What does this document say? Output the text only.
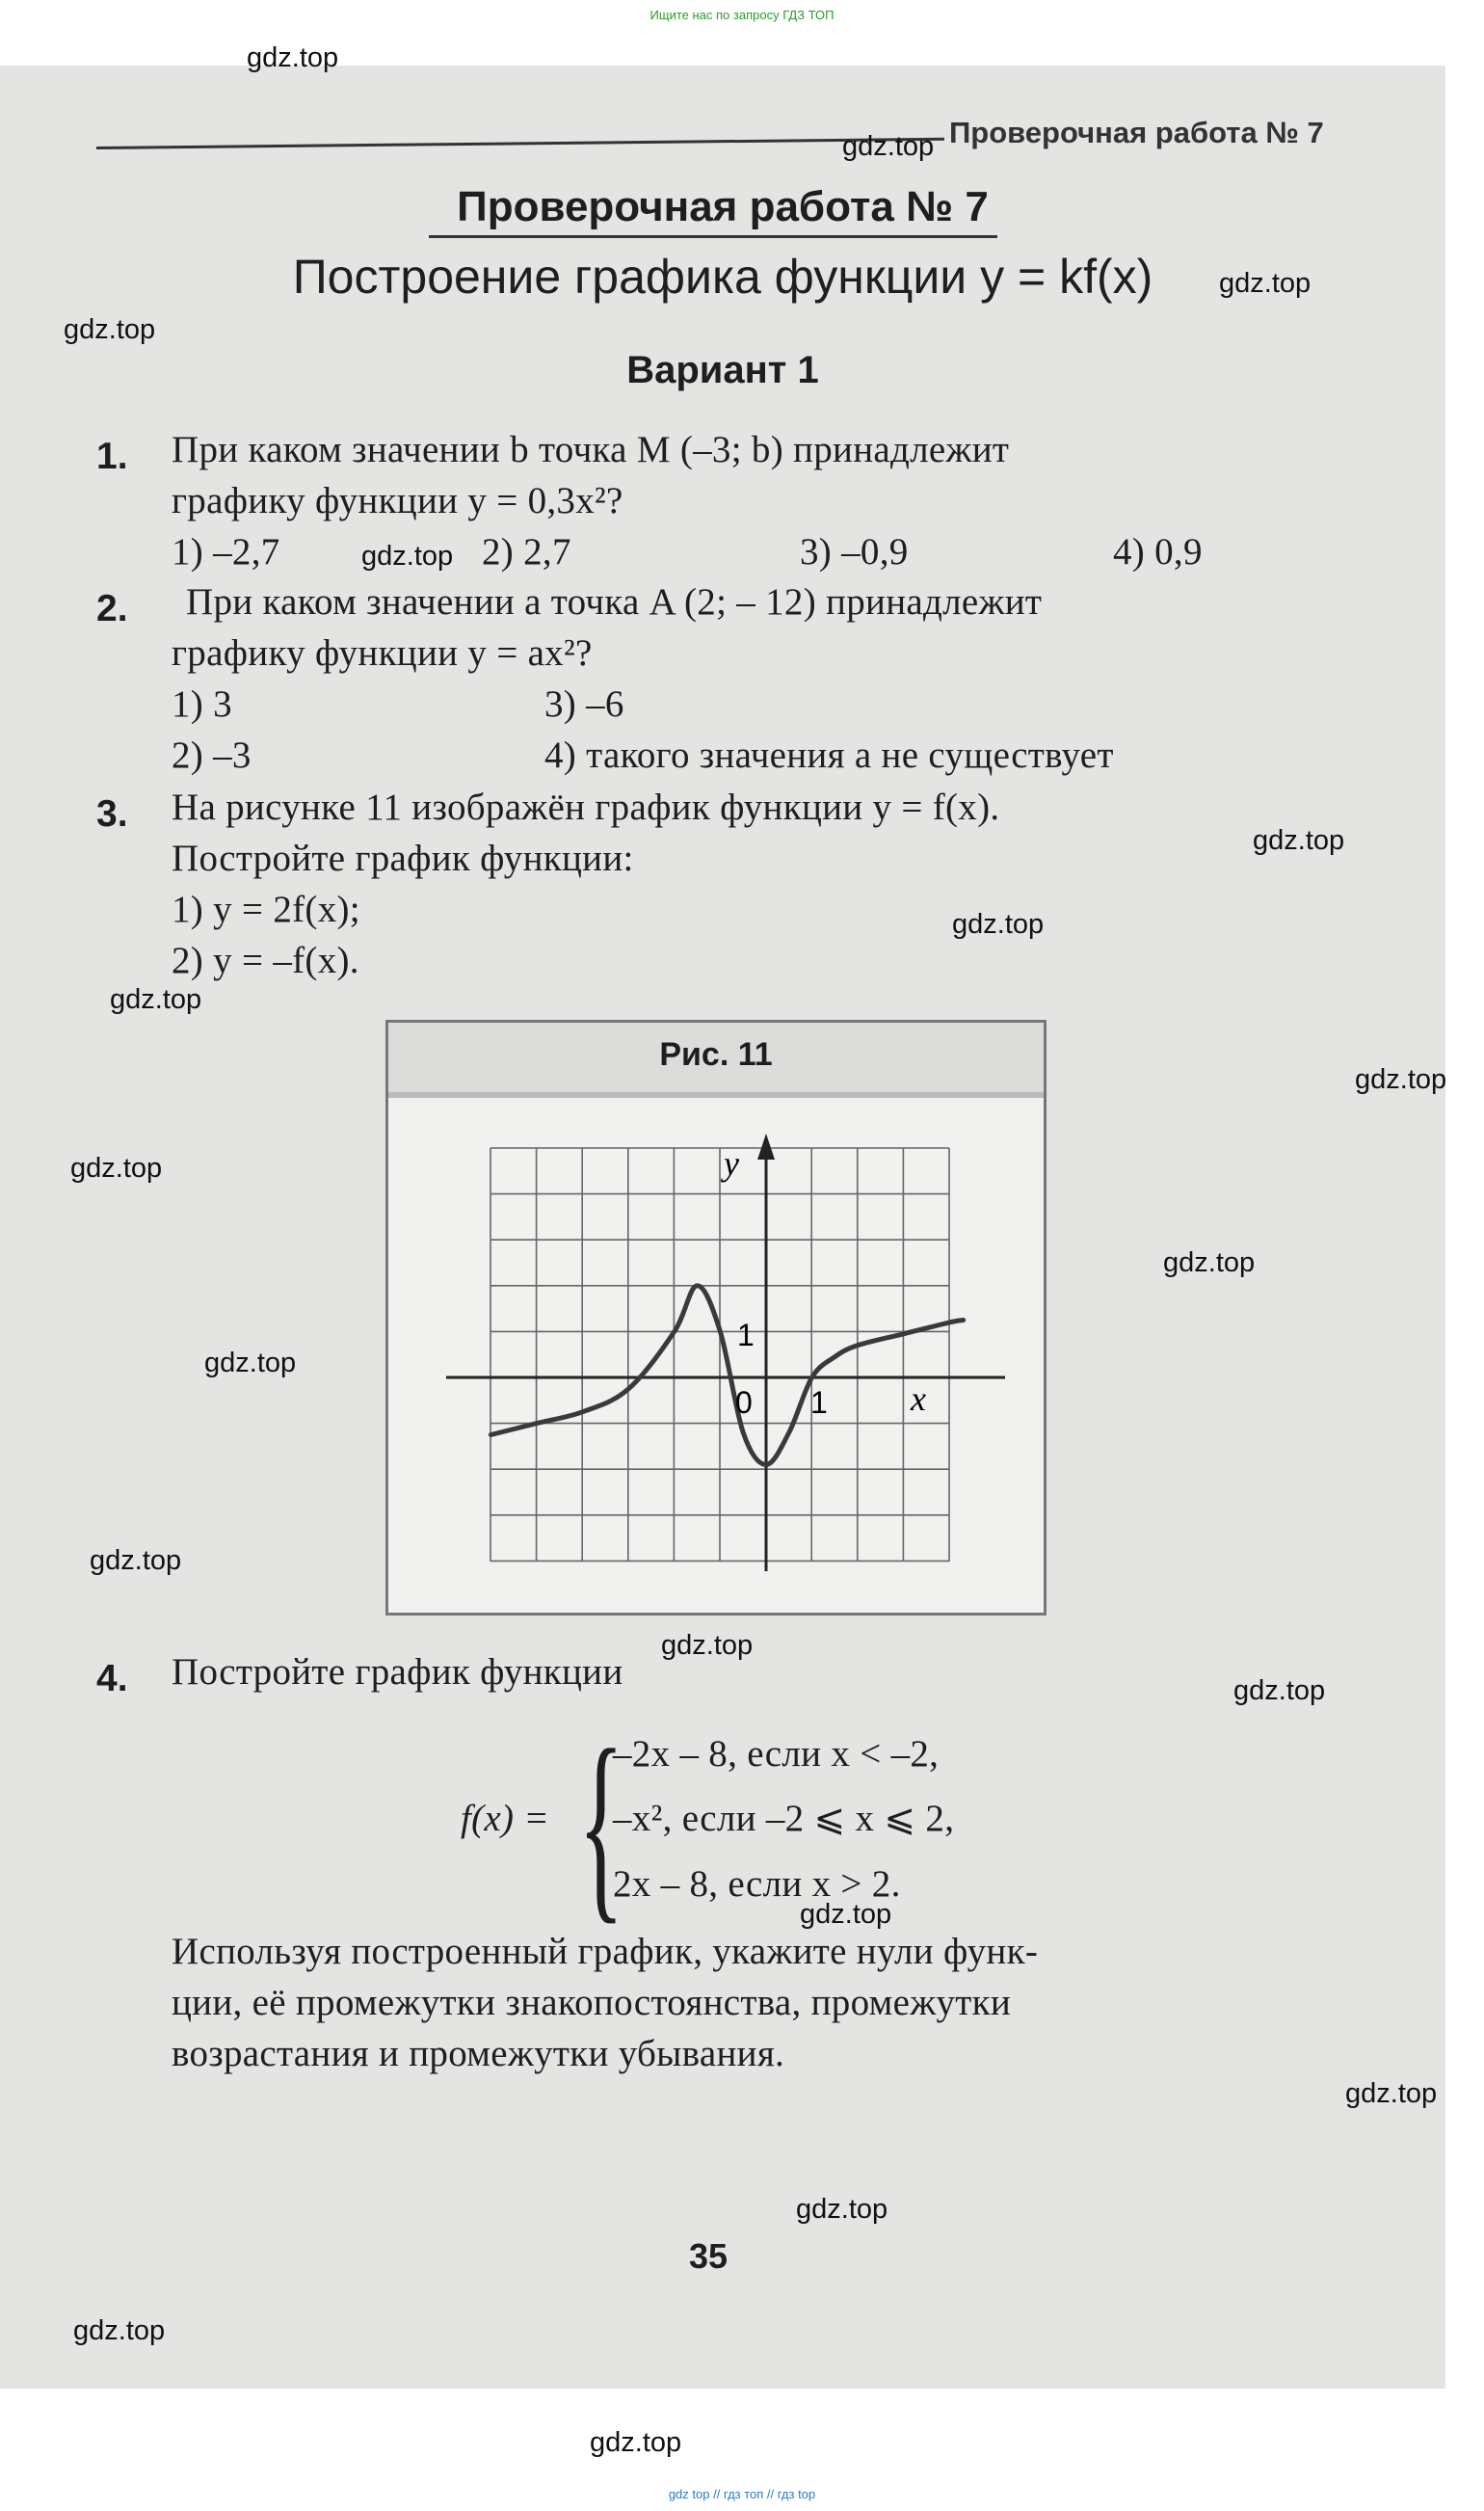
Ищите нас по запросу ГДЗ ТОП
Проверочная работа № 7
Проверочная работа № 7
Построение графика функции y = kf(x)
Вариант 1
1. При каком значении b точка M (–3; b) принадлежит
графику функции y = 0,3x²?
1) –2,7	2) 2,7	3) –0,9	4) 0,9
2. При каком значении a точка A (2; – 12) принадлежит
графику функции y = ax²?
1) 3	3) –6
2) –3	4) такого значения a не существует
3. На рисунке 11 изображён график функции y = f(x).
Постройте график функции:
1) y = 2f(x);
2) y = –f(x).
Рис. 11
y
x
0 1
1
4. Постройте график функции
f(x) = {
–2x – 8, если x < –2,
–x², если –2 ⩽ x ⩽ 2,
2x – 8, если x > 2.
Используя построенный график, укажите нули функ-
ции, её промежутки знакопостоянства, промежутки
возрастания и промежутки убывания.
35
gdz.top
gdz.top
gdz.top
gdz.top
gdz.top
gdz.top
gdz.top
gdz.top
gdz.top
gdz.top
gdz.top
gdz.top
gdz.top
gdz.top
gdz.top
gdz.top
gdz.top
gdz.top
gdz.top
gdz.top
gdz top // гдз топ // гдз top
